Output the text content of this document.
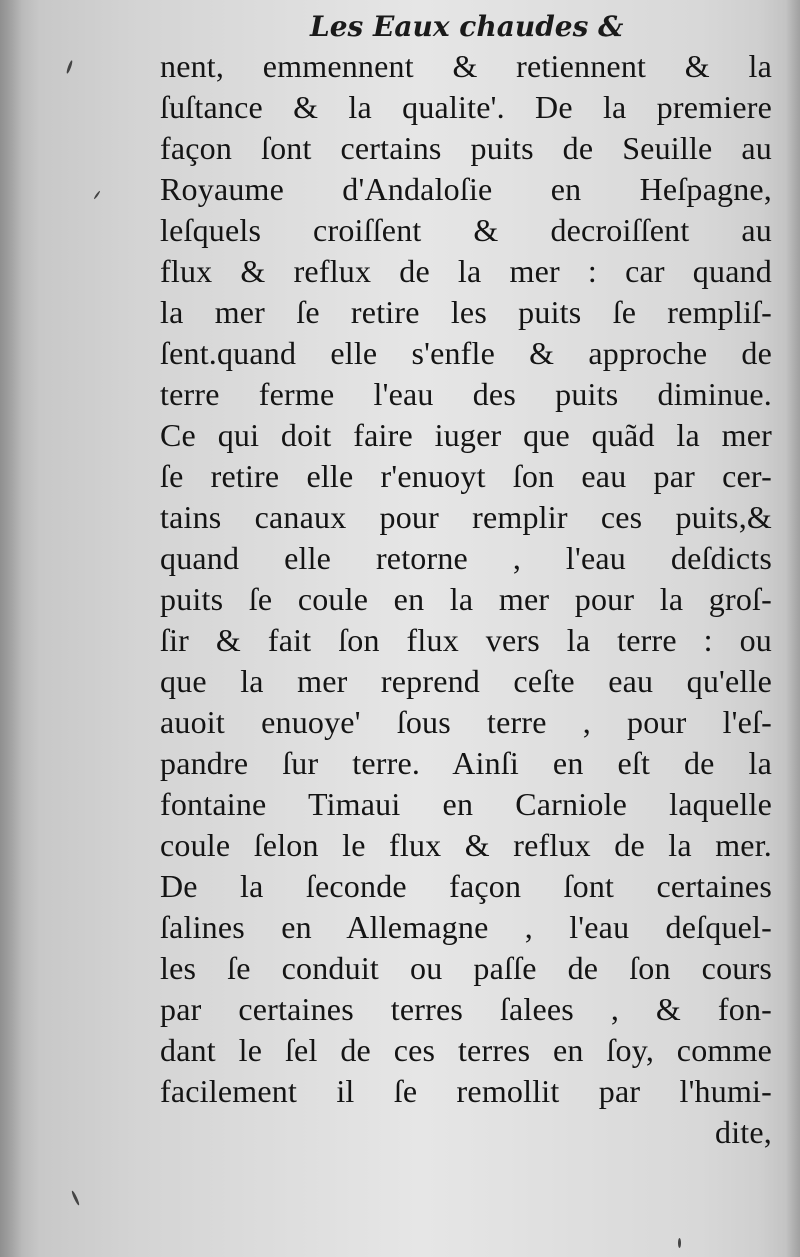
Les Eaux chaudes &
nent, emmennent & retiennent & la
ſuſtance & la qualite'. De la premiere
façon ſont certains puits de Seuille au
Royaume d'Andaloſie en Heſpagne,
leſquels croiſſent & decroiſſent au
flux & reflux de la mer : car quand
la mer ſe retire les puits ſe rempliſ-
ſent.quand elle s'enfle & approche de
terre ferme l'eau des puits diminue.
Ce qui doit faire iuger que quãd la mer
ſe retire elle r'enuoyt ſon eau par cer-
tains canaux pour remplir ces puits,&
quand elle retorne , l'eau deſdicts
puits ſe coule en la mer pour la groſ-
ſir & fait ſon flux vers la terre : ou
que la mer reprend ceſte eau qu'elle
auoit enuoye' ſous terre , pour l'eſ-
pandre ſur terre. Ainſi en eſt de la
fontaine Timaui en Carniole laquelle
coule ſelon le flux & reflux de la mer.
De la ſeconde façon ſont certaines
ſalines en Allemagne , l'eau deſquel-
les ſe conduit ou paſſe de ſon cours
par certaines terres ſalees , & fon-
dant le ſel de ces terres en ſoy, comme
facilement il ſe remollit par l'humi-
dite,
